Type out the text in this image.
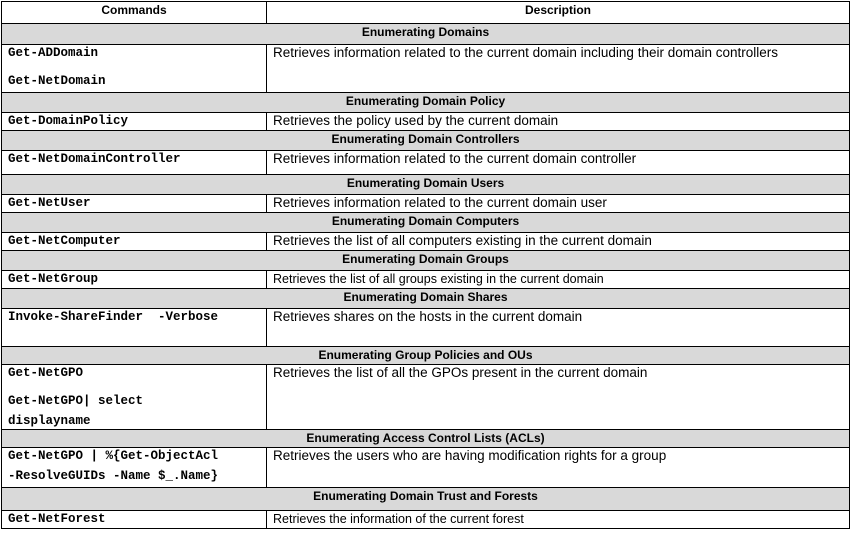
Commands	Description
Enumerating Domains	

Get-ADDomain
Get-NetDomain	Retrieves information related to the current domain including their domain controllers
Enumerating Domain Policy	

Get-DomainPolicy	Retrieves the policy used by the current domain
Enumerating Domain Controllers	

Get-NetDomainController	Retrieves information related to the current domain controller
Enumerating Domain Users	

Get-NetUser	Retrieves information related to the current domain user
Enumerating Domain Computers	

Get-NetComputer	Retrieves the list of all computers existing in the current domain
Enumerating Domain Groups	

Get-NetGroup	Retrieves the list of all groups existing in the current domain
Enumerating Domain Shares	

Invoke-ShareFinder  -Verbose	Retrieves shares on the hosts in the current domain
Enumerating Group Policies and OUs	

Get-NetGPO
Get-NetGPO| select
displayname	Retrieves the list of all the GPOs present in the current domain
Enumerating Access Control Lists (ACLs)	

Get-NetGPO | %{Get-ObjectAcl
-ResolveGUIDs -Name $_.Name}	Retrieves the users who are having modification rights for a group
Enumerating Domain Trust and Forests	

Get-NetForest	Retrieves the information of the current forest
